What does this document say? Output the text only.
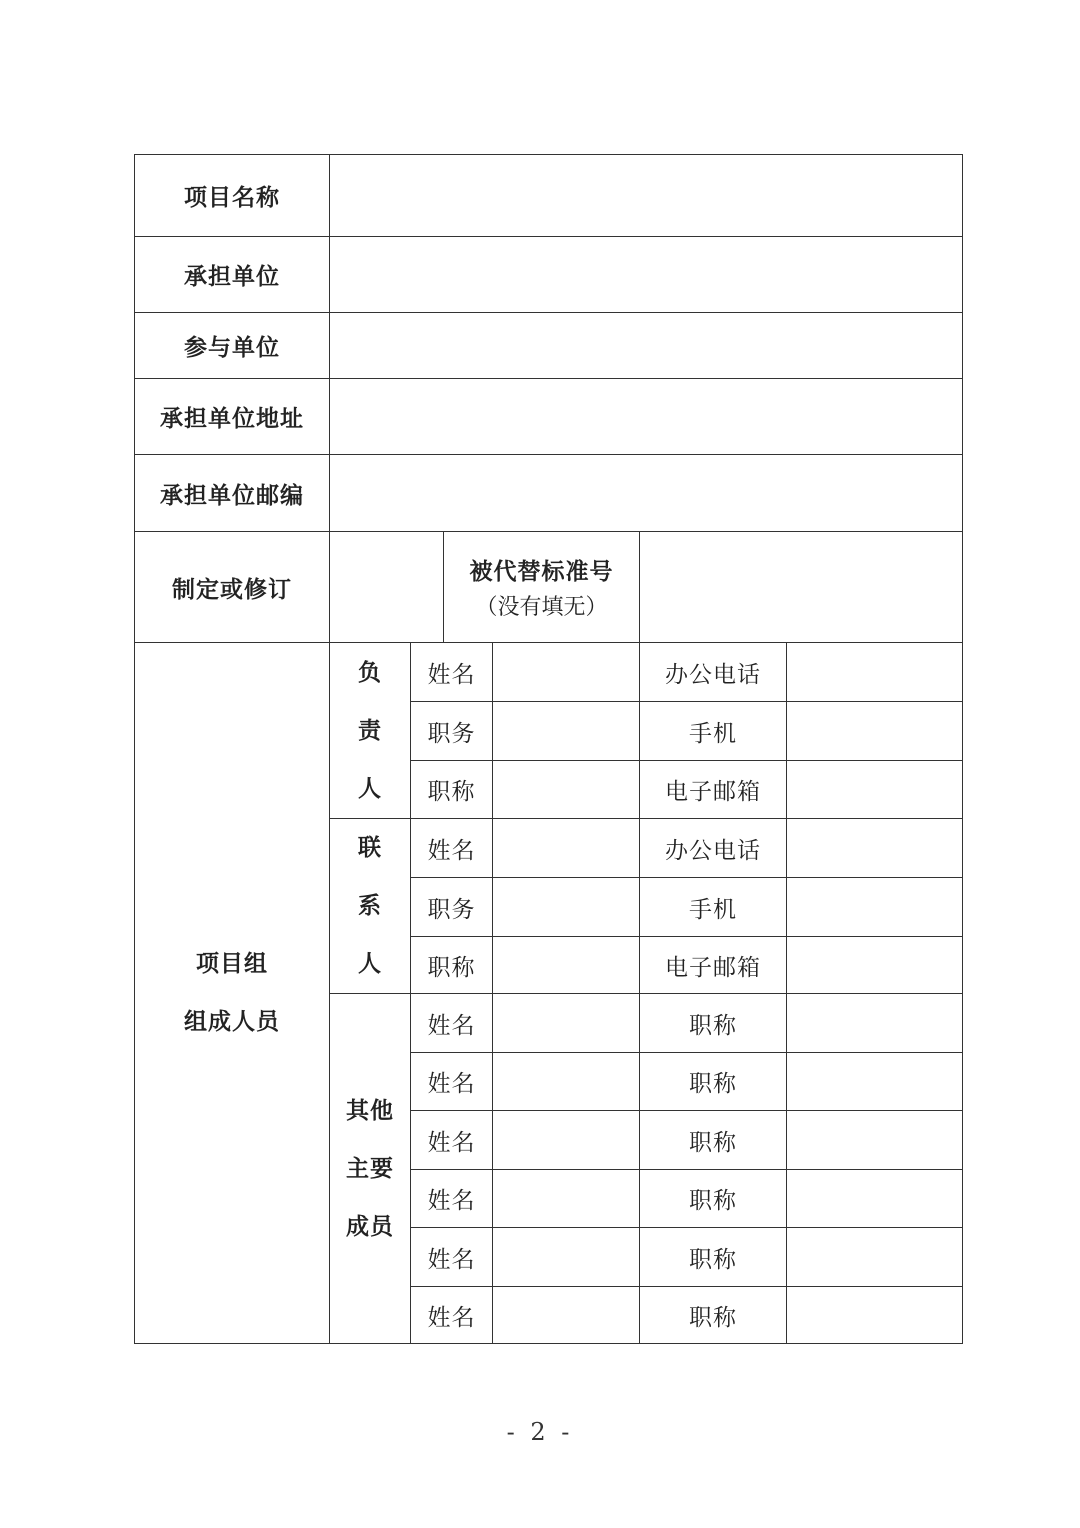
项目名称						

承担单位						

参与单位						

承担单位地址						

承担单位邮编						

制定或修订			被代替标准号
（没有填无）			

项目组
组成人员	负
责
人	姓名			办公电话	

		职务			手机	

		职称			电子邮箱	

	联
系
人	姓名			办公电话	

		职务			手机	

		职称			电子邮箱	

	其他
主要
成员	姓名			职称	

		姓名			职称	

		姓名			职称	

		姓名			职称	

		姓名			职称	

		姓名			职称	
- 2 -
